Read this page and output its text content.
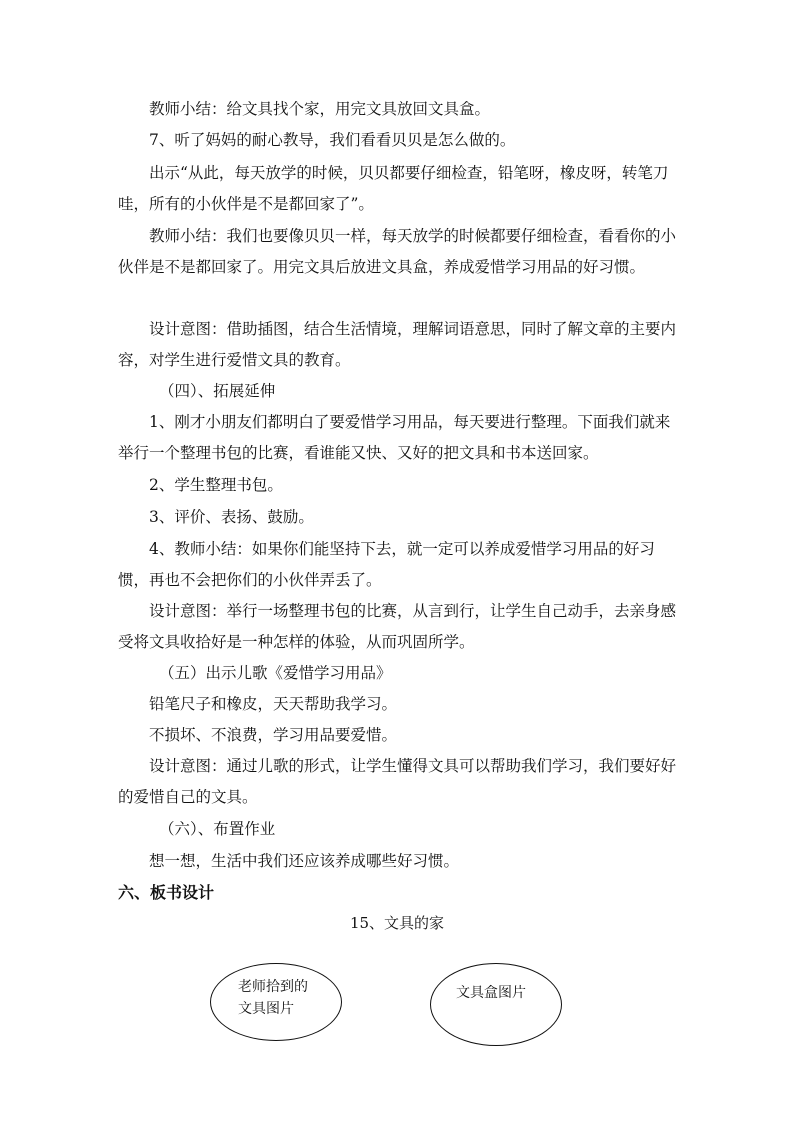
教师小结：给文具找个家，用完文具放回文具盒。

7、听了妈妈的耐心教导，我们看看贝贝是怎么做的。

出示“从此，每天放学的时候，贝贝都要仔细检查，铅笔呀，橡皮呀，转笔刀哇，所有的小伙伴是不是都回家了”。

教师小结：我们也要像贝贝一样，每天放学的时候都要仔细检查，看看你的小伙伴是不是都回家了。用完文具后放进文具盒，养成爱惜学习用品的好习惯。

设计意图：借助插图，结合生活情境，理解词语意思，同时了解文章的主要内容，对学生进行爱惜文具的教育。

（四）、拓展延伸

1、刚才小朋友们都明白了要爱惜学习用品，每天要进行整理。下面我们就来举行一个整理书包的比赛，看谁能又快、又好的把文具和书本送回家。

2、学生整理书包。

3、评价、表扬、鼓励。

4、教师小结：如果你们能坚持下去，就一定可以养成爱惜学习用品的好习惯，再也不会把你们的小伙伴弄丢了。

设计意图：举行一场整理书包的比赛，从言到行，让学生自己动手，去亲身感受将文具收拾好是一种怎样的体验，从而巩固所学。

（五）出示儿歌《爱惜学习用品》

铅笔尺子和橡皮，天天帮助我学习。

不损坏、不浪费，学习用品要爱惜。

设计意图：通过儿歌的形式，让学生懂得文具可以帮助我们学习，我们要好好的爱惜自己的文具。

（六）、布置作业

想一想，生活中我们还应该养成哪些好习惯。

六、板书设计

15、文具的家
老师拾到的
文具图片
文具盒图片
